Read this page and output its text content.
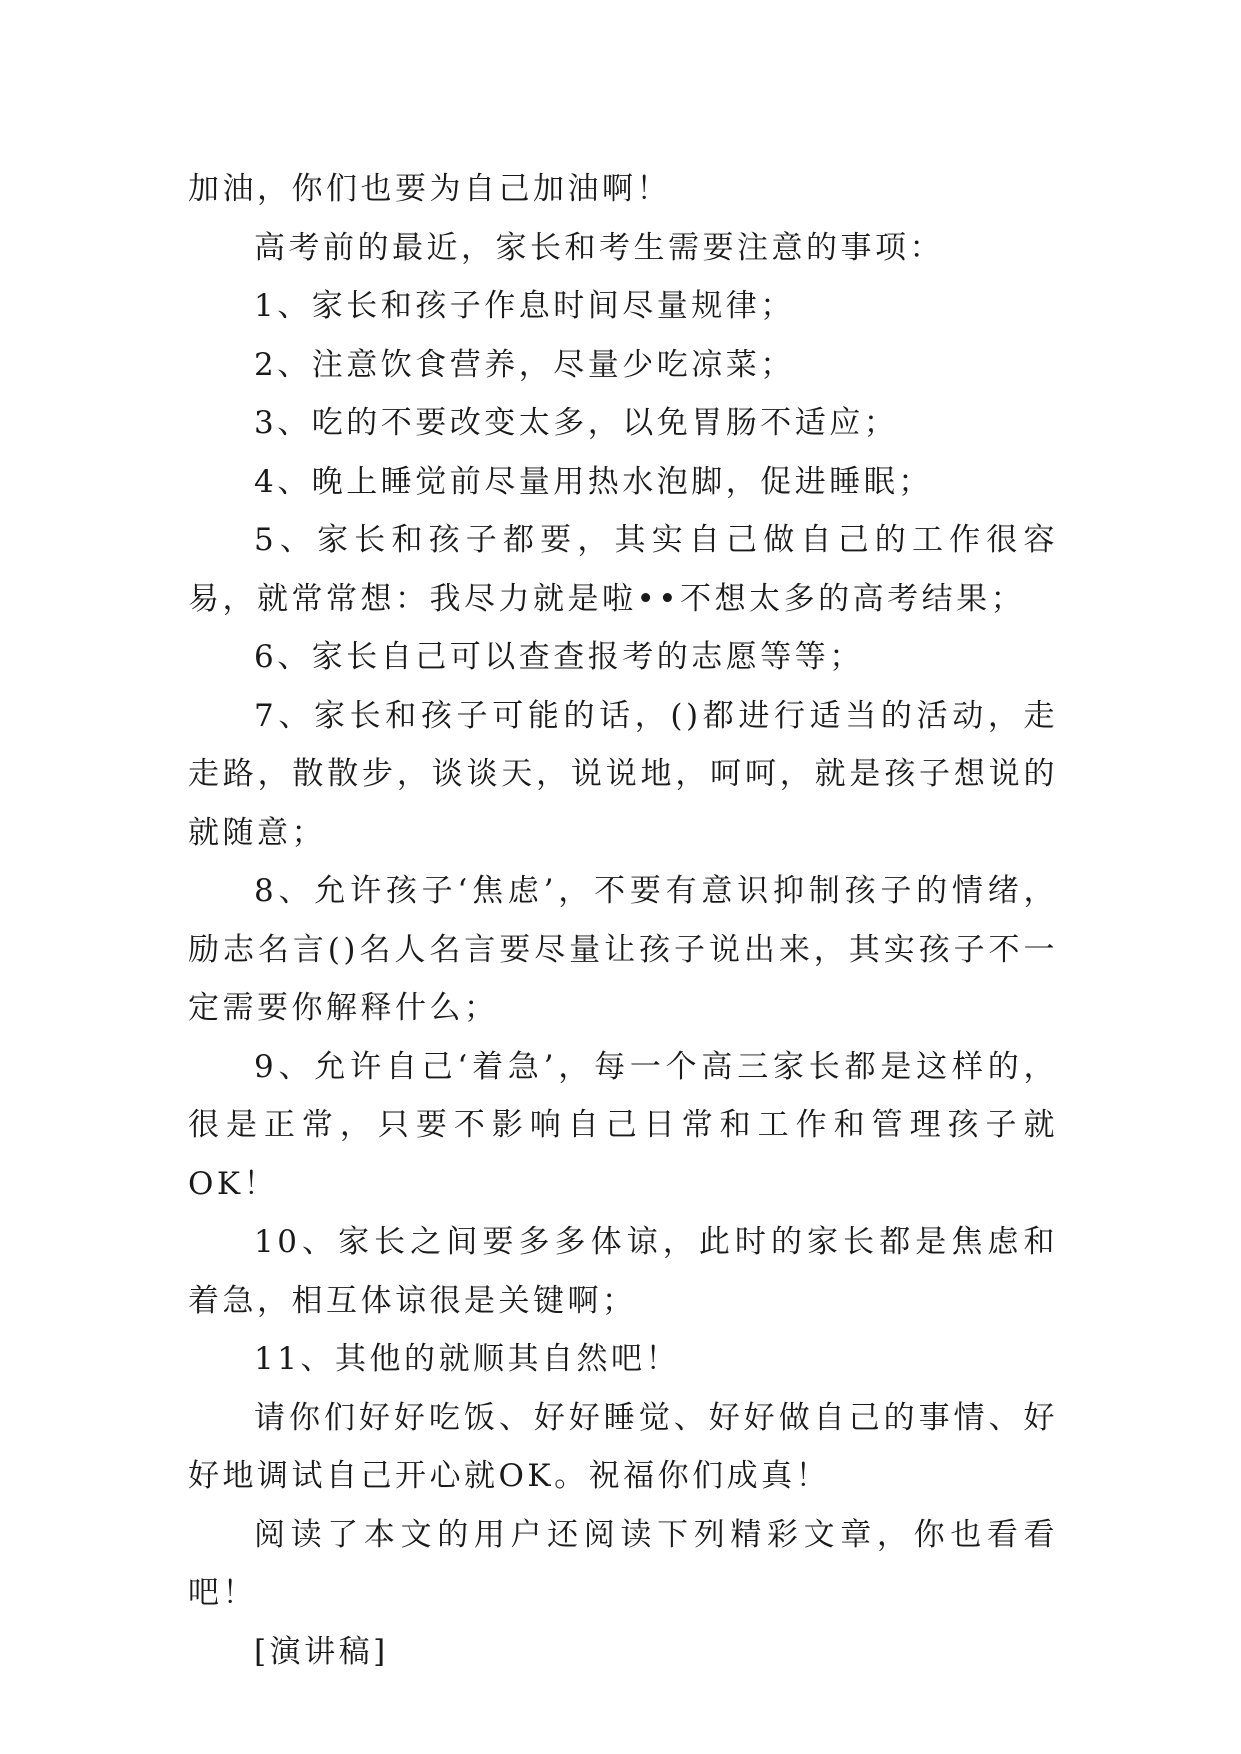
加油，你们也要为自己加油啊！

高考前的最近，家长和考生需要注意的事项：

1、家长和孩子作息时间尽量规律；

2、注意饮食营养，尽量少吃凉菜；

3、吃的不要改变太多，以免胃肠不适应；

4、晚上睡觉前尽量用热水泡脚，促进睡眠；

5、家长和孩子都要，其实自己做自己的工作很容易，就常常想：我尽力就是啦••不想太多的高考结果；

6、家长自己可以查查报考的志愿等等；

7、家长和孩子可能的话，()都进行适当的活动，走走路，散散步，谈谈天，说说地，呵呵，就是孩子想说的就随意；

8、允许孩子‘焦虑’，不要有意识抑制孩子的情绪，励志名言()名人名言要尽量让孩子说出来，其实孩子不一定需要你解释什么；

9、允许自己‘着急’，每一个高三家长都是这样的，很是正常，只要不影响自己日常和工作和管理孩子就OK！

10、家长之间要多多体谅，此时的家长都是焦虑和着急，相互体谅很是关键啊；

11、其他的就顺其自然吧！

请你们好好吃饭、好好睡觉、好好做自己的事情、好好地调试自己开心就OK。祝福你们成真！

阅读了本文的用户还阅读下列精彩文章，你也看看吧！

[演讲稿]
